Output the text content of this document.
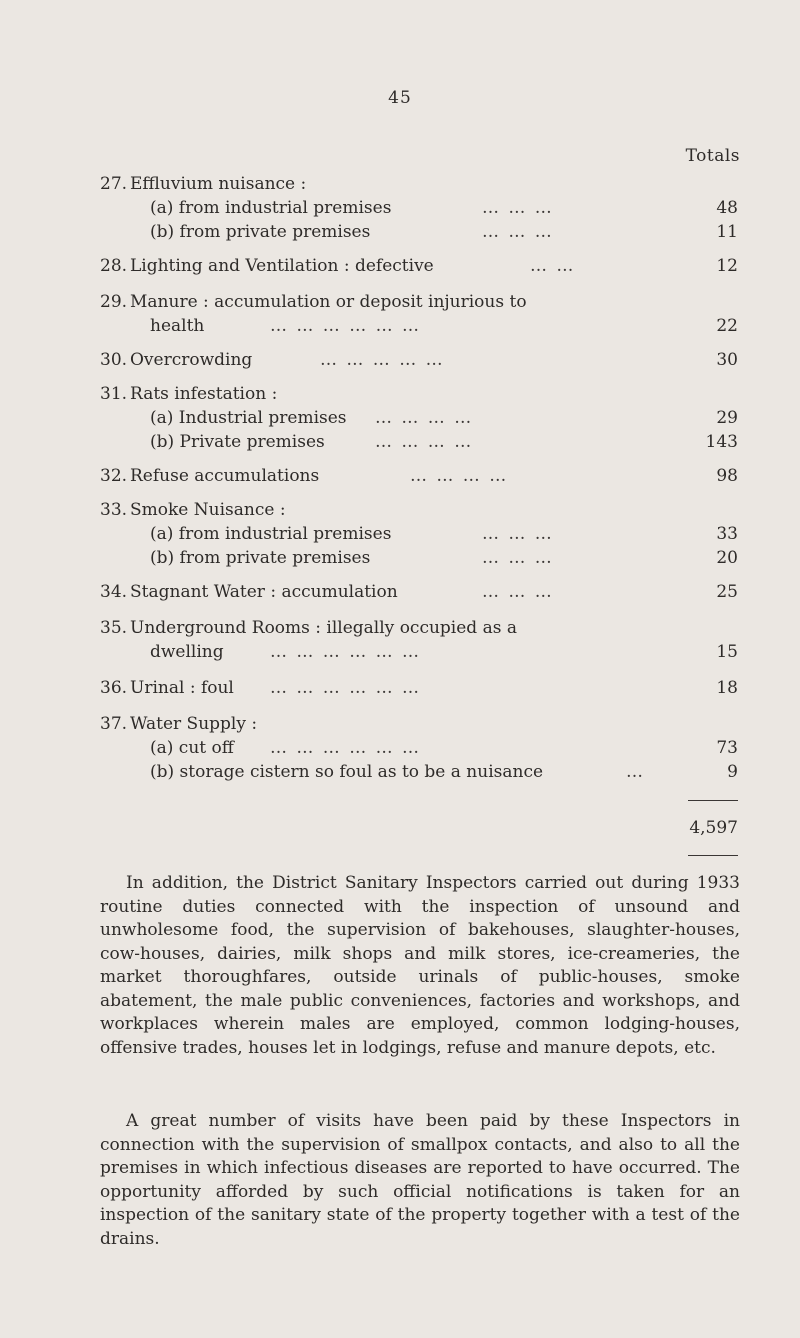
45
Totals
27. Effluvium nuisance :
(a) from industrial premises	… … …	48
(b) from private premises	… … …	11
28. Lighting and Ventilation : defective	… …	12
29. Manure : accumulation or deposit injurious to
health	… … … … … …	22
30. Overcrowding	… … … … …	30
31. Rats infestation :
(a) Industrial premises … … … …	29
(b) Private premises	… … … …	143
32. Refuse accumulations	… … … …	98
33. Smoke Nuisance :
(a) from industrial premises	… … …	33
(b) from private premises	… … …	20
34. Stagnant Water : accumulation	… … …	25
35. Underground Rooms : illegally occupied as a
dwelling	… … … … … …	15
36. Urinal : foul … … … … … …	18
37. Water Supply :
(a) cut off … … … … … …	73
(b) storage cistern so foul as to be a nuisance	…	9
4,597

In addition, the District Sanitary Inspectors carried out during 1933 routine duties connected with the inspection of unsound and unwholesome food, the supervision of bakehouses, slaughter-houses, cow-houses, dairies, milk shops and milk stores, ice-creameries, the market thoroughfares, outside urinals of public-houses, smoke abatement, the male public conveniences, factories and workshops, and workplaces wherein males are employed, common lodging-houses, offensive trades, houses let in lodgings, refuse and manure depots, etc.

A great number of visits have been paid by these Inspectors in connection with the supervision of smallpox contacts, and also to all the premises in which infectious diseases are reported to have occurred. The opportunity afforded by such official notifications is taken for an inspection of the sanitary state of the property together with a test of the drains.
